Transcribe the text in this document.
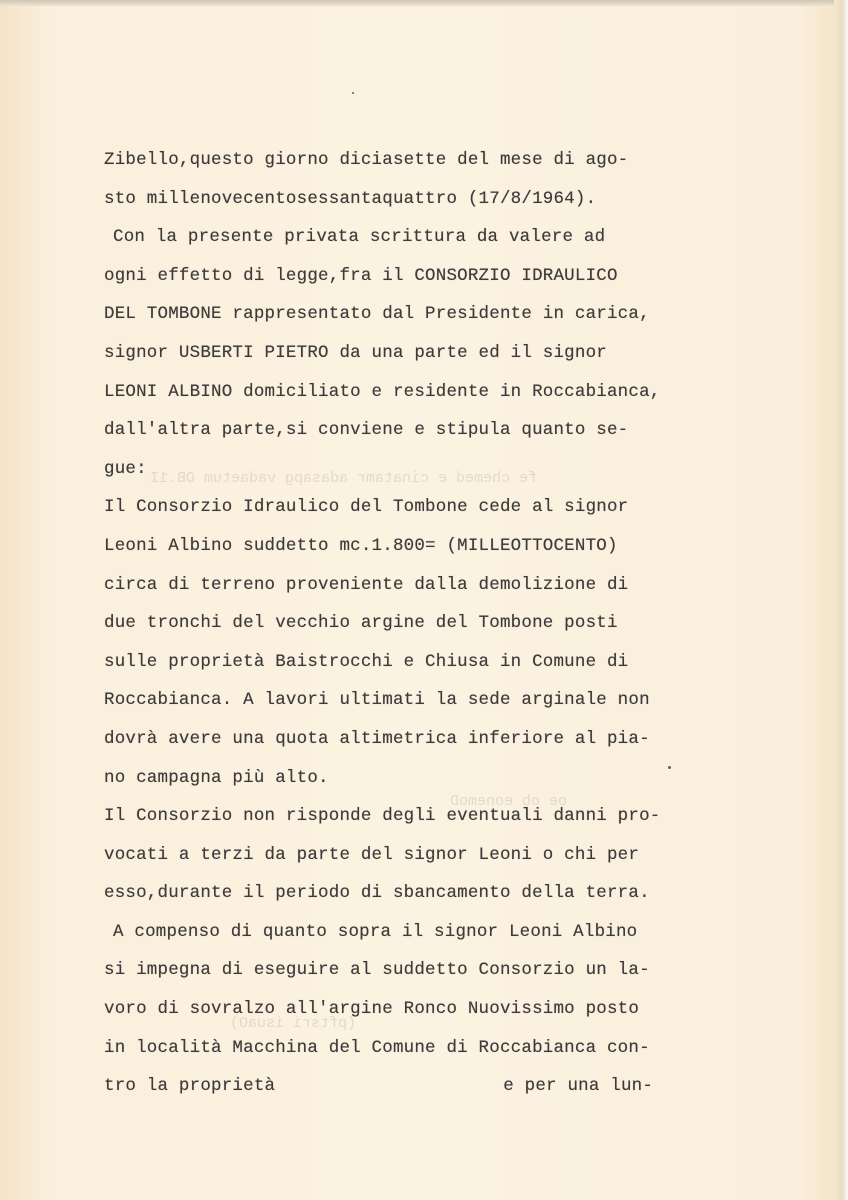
fe chemed e cinatamr adasapg vadaetum OB.1I
oe ob eonemoD
(pftsri isuaO)
Zibello,questo giorno diciasette del mese di ago-
sto millenovecentosessantaquattro (17/8/1964).
Con la presente privata scrittura da valere ad
ogni effetto di legge,fra il CONSORZIO IDRAULICO
DEL TOMBONE rappresentato dal Presidente in carica,
signor USBERTI PIETRO da una parte ed il signor
LEONI ALBINO domiciliato e residente in Roccabianca,
dall'altra parte,si conviene e stipula quanto se-
gue:
Il Consorzio Idraulico del Tombone cede al signor
Leoni Albino suddetto mc.1.800= (MILLEOTTOCENTO)
circa di terreno proveniente dalla demolizione di
due tronchi del vecchio argine del Tombone posti
sulle proprietà Baistrocchi e Chiusa in Comune di
Roccabianca. A lavori ultimati la sede arginale non
dovrà avere una quota altimetrica inferiore al pia-
no campagna più alto.
Il Consorzio non risponde degli eventuali danni pro-
vocati a terzi da parte del signor Leoni o chi per
esso,durante il periodo di sbancamento della terra.
A compenso di quanto sopra il signor Leoni Albino
si impegna di eseguire al suddetto Consorzio un la-
voro di sovralzo all'argine Ronco Nuovissimo posto
in località Macchina del Comune di Roccabianca con-
tro la proprietà	e per una lun-
